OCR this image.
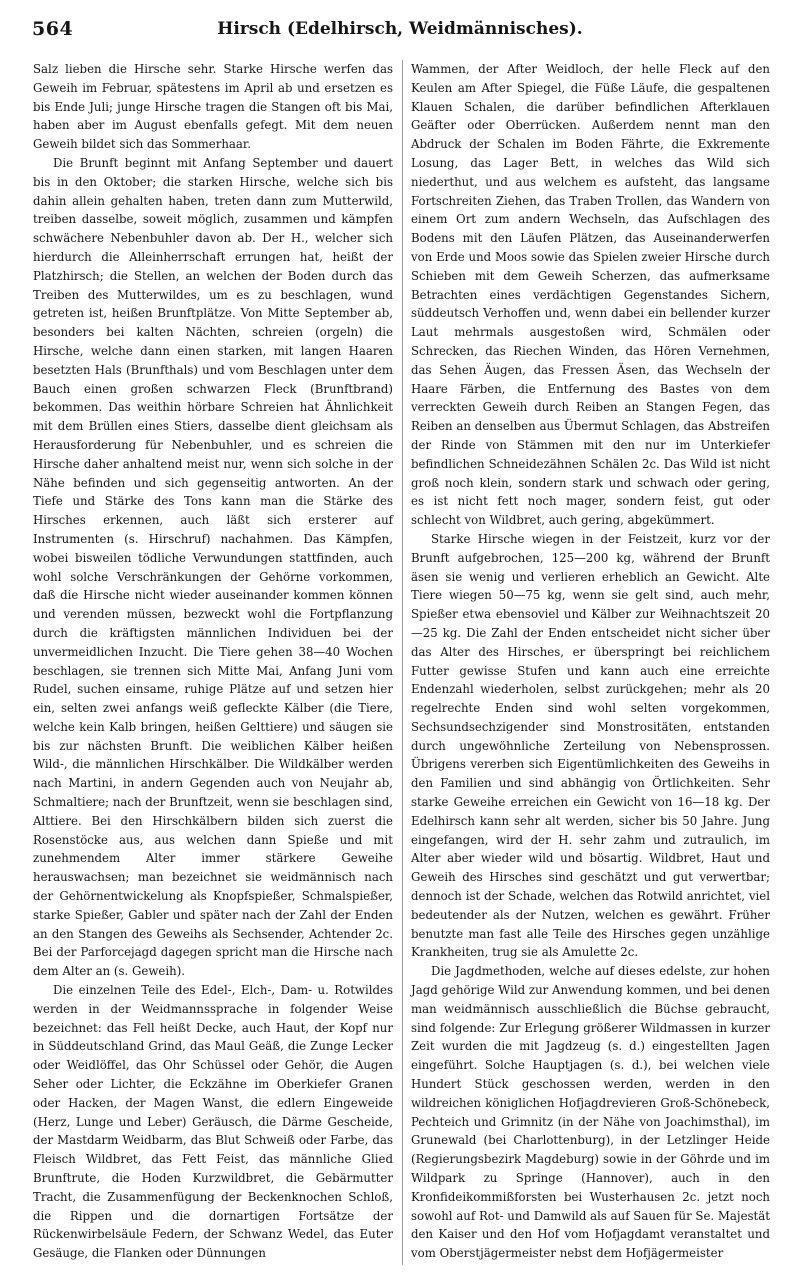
564	Hirsch (Edelhirsch, Weidmännisches).

Salz lieben die Hirsche sehr. Starke Hirsche werfen das Geweih im Februar, spätestens im April ab und ersetzen es bis Ende Juli; junge Hirsche tragen die Stangen oft bis Mai, haben aber im August ebenfalls gefegt. Mit dem neuen Geweih bildet sich das Sommerhaar.

Die Brunft beginnt mit Anfang September und dauert bis in den Oktober; die starken Hirsche, welche sich bis dahin allein gehalten haben, treten dann zum Mutterwild, treiben dasselbe, soweit möglich, zusammen und kämpfen schwächere Nebenbuhler davon ab. Der H., welcher sich hierdurch die Alleinherrschaft errungen hat, heißt der Platzhirsch; die Stellen, an welchen der Boden durch das Treiben des Mutterwildes, um es zu beschlagen, wund getreten ist, heißen Brunftplätze. Von Mitte September ab, besonders bei kalten Nächten, schreien (orgeln) die Hirsche, welche dann einen starken, mit langen Haaren besetzten Hals (Brunfthals) und vom Beschlagen unter dem Bauch einen großen schwarzen Fleck (Brunftbrand) bekommen. Das weithin hörbare Schreien hat Ähnlichkeit mit dem Brüllen eines Stiers, dasselbe dient gleichsam als Herausforderung für Nebenbuhler, und es schreien die Hirsche daher anhaltend meist nur, wenn sich solche in der Nähe befinden und sich gegenseitig antworten. An der Tiefe und Stärke des Tons kann man die Stärke des Hirsches erkennen, auch läßt sich ersterer auf Instrumenten (s. Hirschruf) nachahmen. Das Kämpfen, wobei bisweilen tödliche Verwundungen stattfinden, auch wohl solche Verschränkungen der Gehörne vorkommen, daß die Hirsche nicht wieder auseinander kommen können und verenden müssen, bezweckt wohl die Fortpflanzung durch die kräftigsten männlichen Individuen bei der unvermeidlichen Inzucht. Die Tiere gehen 38—40 Wochen beschlagen, sie trennen sich Mitte Mai, Anfang Juni vom Rudel, suchen einsame, ruhige Plätze auf und setzen hier ein, selten zwei anfangs weiß gefleckte Kälber (die Tiere, welche kein Kalb bringen, heißen Gelttiere) und säugen sie bis zur nächsten Brunft. Die weiblichen Kälber heißen Wild-, die männlichen Hirschkälber. Die Wildkälber werden nach Martini, in andern Gegenden auch von Neujahr ab, Schmaltiere; nach der Brunftzeit, wenn sie beschlagen sind, Alttiere. Bei den Hirschkälbern bilden sich zuerst die Rosenstöcke aus, aus welchen dann Spieße und mit zunehmendem Alter immer stärkere Geweihe herauswachsen; man bezeichnet sie weidmännisch nach der Gehörnentwickelung als Knopfspießer, Schmalspießer, starke Spießer, Gabler und später nach der Zahl der Enden an den Stangen des Geweihs als Sechsender, Achtender 2c. Bei der Parforcejagd dagegen spricht man die Hirsche nach dem Alter an (s. Geweih).

Die einzelnen Teile des Edel-, Elch-, Dam- u. Rotwildes werden in der Weidmannssprache in folgender Weise bezeichnet: das Fell heißt Decke, auch Haut, der Kopf nur in Süddeutschland Grind, das Maul Geäß, die Zunge Lecker oder Weidlöffel, das Ohr Schüssel oder Gehör, die Augen Seher oder Lichter, die Eckzähne im Oberkiefer Granen oder Hacken, der Magen Wanst, die edlern Eingeweide (Herz, Lunge und Leber) Geräusch, die Därme Gescheide, der Mastdarm Weidbarm, das Blut Schweiß oder Farbe, das Fleisch Wildbret, das Fett Feist, das männliche Glied Brunftrute, die Hoden Kurzwildbret, die Gebärmutter Tracht, die Zusammenfügung der Beckenknochen Schloß, die Rippen und die dornartigen Fortsätze der Rückenwirbelsäule Federn, der Schwanz Wedel, das Euter Gesäuge, die Flanken oder Dünnungen

Wammen, der After Weidloch, der helle Fleck auf den Keulen am After Spiegel, die Füße Läufe, die gespaltenen Klauen Schalen, die darüber befindlichen Afterklauen Geäfter oder Oberrücken. Außerdem nennt man den Abdruck der Schalen im Boden Fährte, die Exkremente Losung, das Lager Bett, in welches das Wild sich niederthut, und aus welchem es aufsteht, das langsame Fortschreiten Ziehen, das Traben Trollen, das Wandern von einem Ort zum andern Wechseln, das Aufschlagen des Bodens mit den Läufen Plätzen, das Auseinanderwerfen von Erde und Moos sowie das Spielen zweier Hirsche durch Schieben mit dem Geweih Scherzen, das aufmerksame Betrachten eines verdächtigen Gegenstandes Sichern, süddeutsch Verhoffen und, wenn dabei ein bellender kurzer Laut mehrmals ausgestoßen wird, Schmälen oder Schrecken, das Riechen Winden, das Hören Vernehmen, das Sehen Äugen, das Fressen Äsen, das Wechseln der Haare Färben, die Entfernung des Bastes von dem verreckten Geweih durch Reiben an Stangen Fegen, das Reiben an denselben aus Übermut Schlagen, das Abstreifen der Rinde von Stämmen mit den nur im Unterkiefer befindlichen Schneidezähnen Schälen 2c. Das Wild ist nicht groß noch klein, sondern stark und schwach oder gering, es ist nicht fett noch mager, sondern feist, gut oder schlecht von Wildbret, auch gering, abgekümmert.

Starke Hirsche wiegen in der Feistzeit, kurz vor der Brunft aufgebrochen, 125—200 kg, während der Brunft äsen sie wenig und verlieren erheblich an Gewicht. Alte Tiere wiegen 50—75 kg, wenn sie gelt sind, auch mehr, Spießer etwa ebensoviel und Kälber zur Weihnachtszeit 20—25 kg. Die Zahl der Enden entscheidet nicht sicher über das Alter des Hirsches, er überspringt bei reichlichem Futter gewisse Stufen und kann auch eine erreichte Endenzahl wiederholen, selbst zurückgehen; mehr als 20 regelrechte Enden sind wohl selten vorgekommen, Sechsundsechzigender sind Monstrositäten, entstanden durch ungewöhnliche Zerteilung von Nebensprossen. Übrigens vererben sich Eigentümlichkeiten des Geweihs in den Familien und sind abhängig von Örtlichkeiten. Sehr starke Geweihe erreichen ein Gewicht von 16—18 kg. Der Edelhirsch kann sehr alt werden, sicher bis 50 Jahre. Jung eingefangen, wird der H. sehr zahm und zutraulich, im Alter aber wieder wild und bösartig. Wildbret, Haut und Geweih des Hirsches sind geschätzt und gut verwertbar; dennoch ist der Schade, welchen das Rotwild anrichtet, viel bedeutender als der Nutzen, welchen es gewährt. Früher benutzte man fast alle Teile des Hirsches gegen unzählige Krankheiten, trug sie als Amulette 2c.

Die Jagdmethoden, welche auf dieses edelste, zur hohen Jagd gehörige Wild zur Anwendung kommen, und bei denen man weidmännisch ausschließlich die Büchse gebraucht, sind folgende: Zur Erlegung größerer Wildmassen in kurzer Zeit wurden die mit Jagdzeug (s. d.) eingestellten Jagen eingeführt. Solche Hauptjagen (s. d.), bei welchen viele Hundert Stück geschossen werden, werden in den wildreichen königlichen Hofjagdrevieren Groß-Schönebeck, Pechteich und Grimnitz (in der Nähe von Joachimsthal), im Grunewald (bei Charlottenburg), in der Letzlinger Heide (Regierungsbezirk Magdeburg) sowie in der Göhrde und im Wildpark zu Springe (Hannover), auch in den Kronfideikommißforsten bei Wusterhausen 2c. jetzt noch sowohl auf Rot- und Damwild als auf Sauen für Se. Majestät den Kaiser und den Hof vom Hofjagdamt veranstaltet und vom Oberstjägermeister nebst dem Hofjägermeister
